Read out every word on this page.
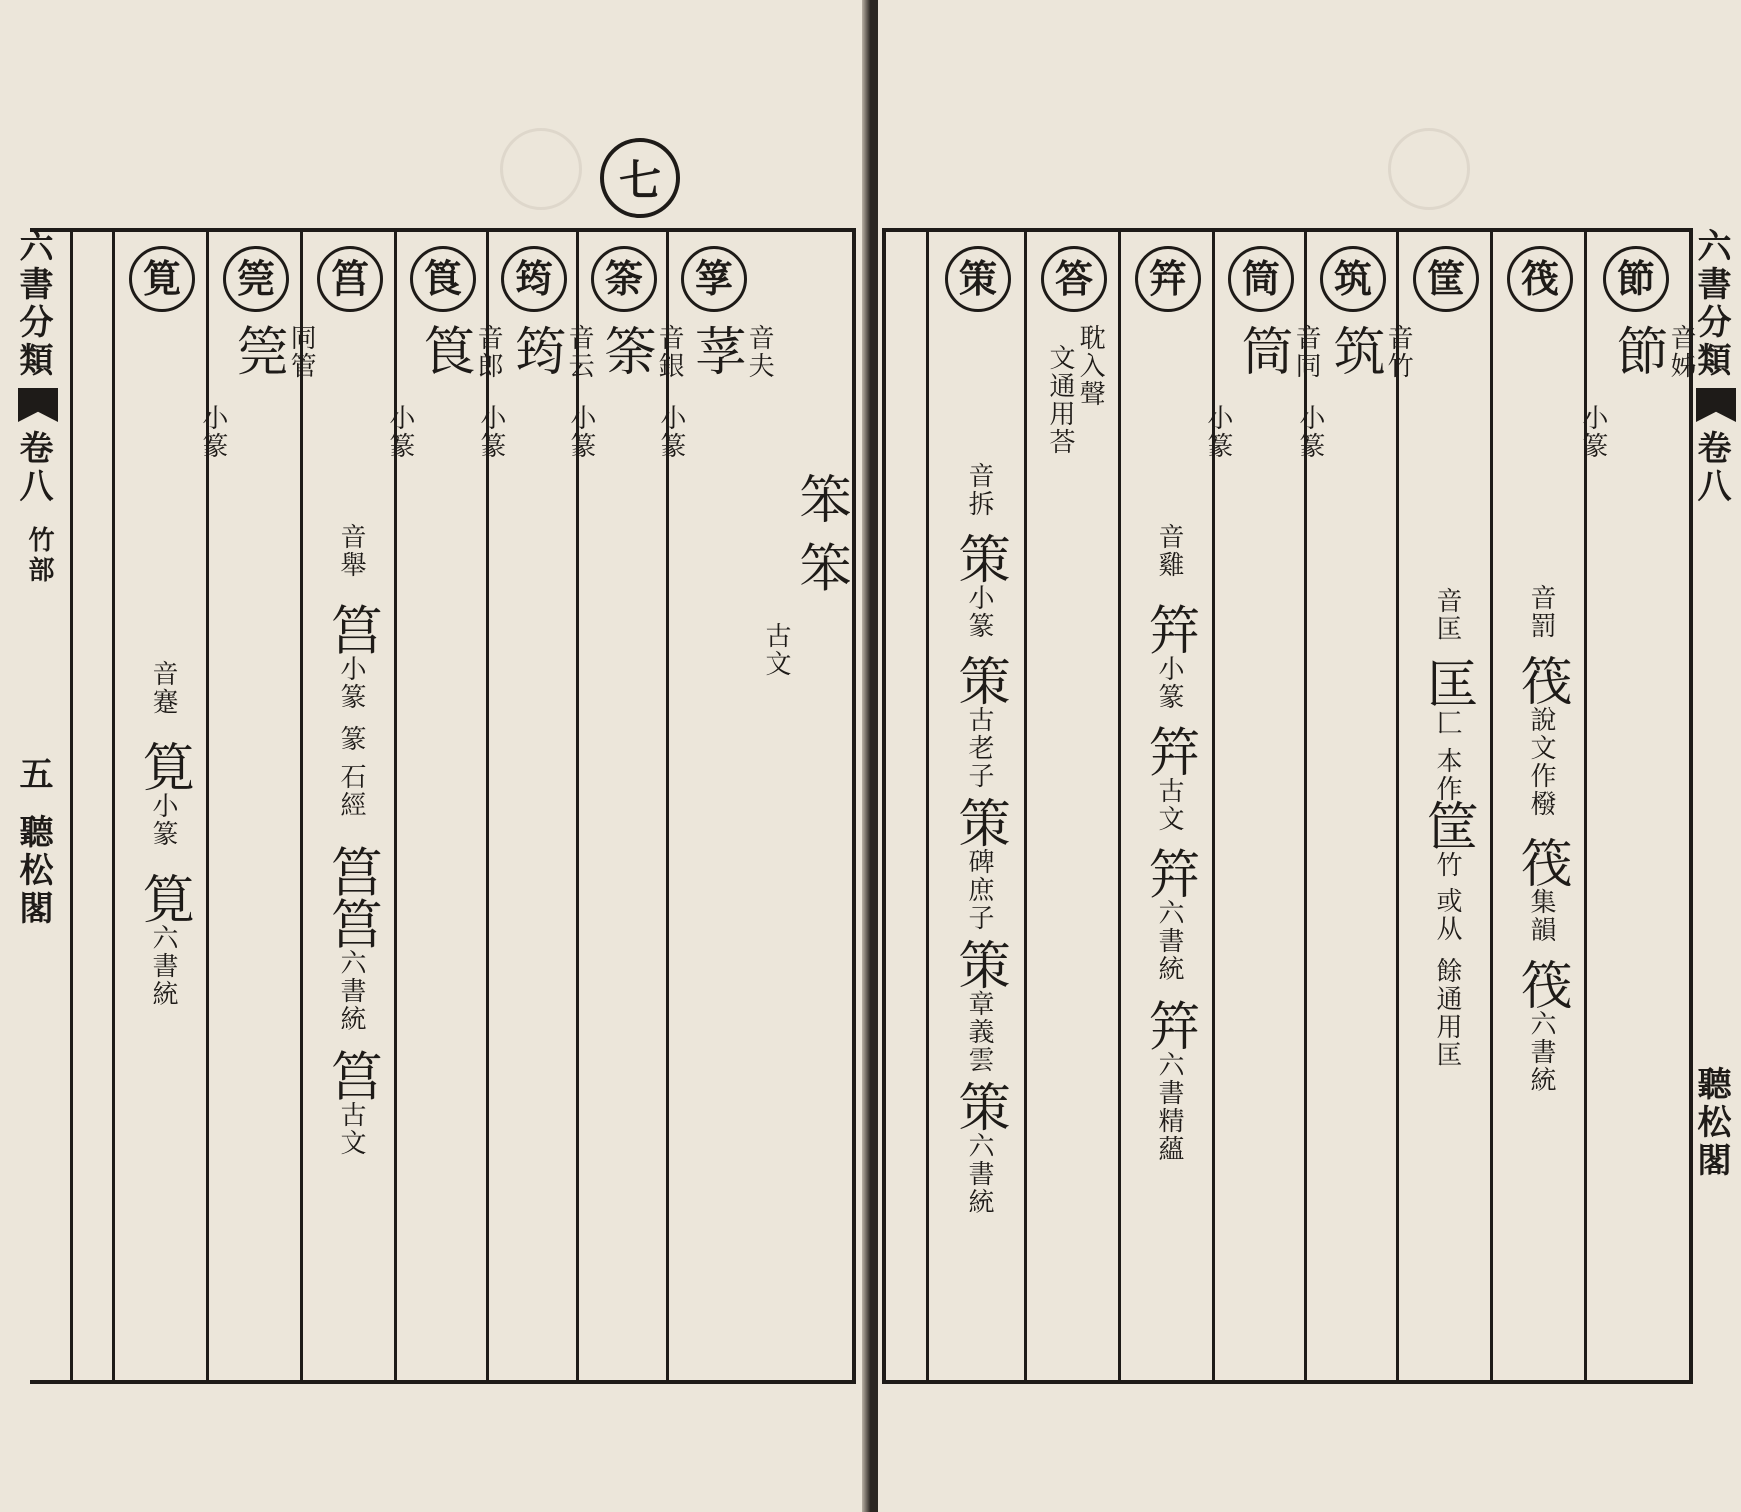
七
六書分類
卷八
竹部
五
聽松閣
笨 笨
古文
筟
音夫
莩
小篆
筡
音銀
筡
小篆
筠
音云
筠
小篆
筤
音郎
筤
小篆
筥
音舉
筥
小篆
篆 石經
筥
筥
六書統
筥
古文
筦
同管
筦
小篆
筧
音蹇
筧
小篆
筧
六書統
六書分類
卷八
聽松閣
節
音姊
節
小篆
筏
音罰
筏
說文作橃
筏
集韻
筏
六書統
筐
音匡
匡
匚 本作
筐
竹
或从
餘通用匡
筑
音竹
筑
小篆
筒
音同
筒
小篆
筓
音雞
筓
小篆
筓
古文
筓
六書統
筓
六書精蘊
答
耽入聲
文通用荅
策
音拆
策
小篆
策
古老子
策
碑庶子
策
章義雲
策
六書統
